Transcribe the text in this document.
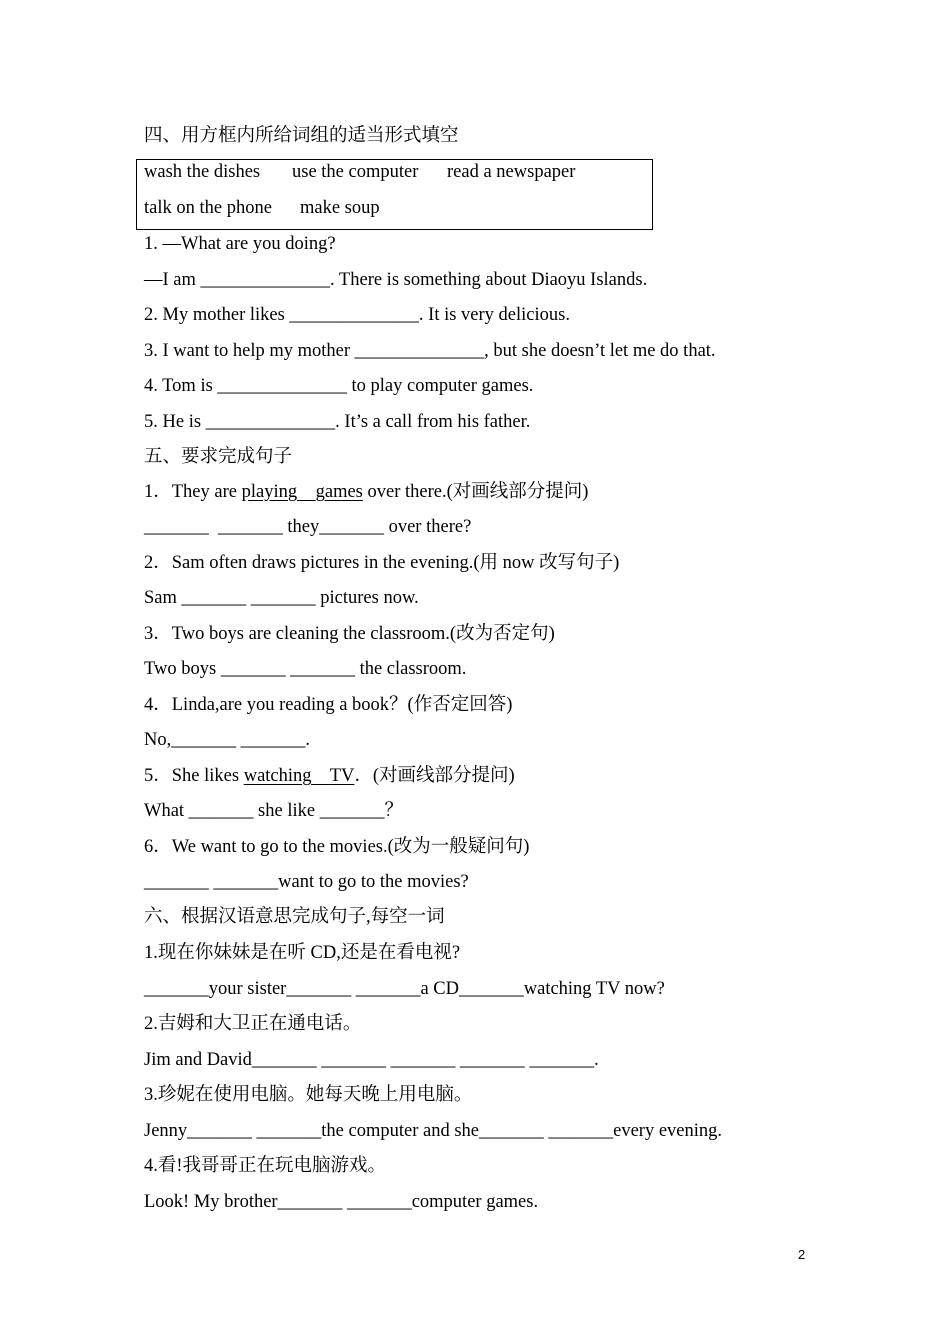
四、用方框内所给词组的适当形式填空
wash the dishes use the computer read a newspaper
talk on the phone make soup
1. —What are you doing?
—I am ______________. There is something about Diaoyu Islands.
2. My mother likes ______________. It is very delicious.
3. I want to help my mother ______________, but she doesn’t let me do that.
4. Tom is ______________ to play computer games.
5. He is ______________. It’s a call from his father.
五、要求完成句子
1．They are playing games over there.(对画线部分提问)
_______  _______ they_______ over there?
2．Sam often draws pictures in the evening.(用 now 改写句子)
Sam _______ _______ pictures now.
3．Two boys are cleaning the classroom.(改为否定句)
Two boys _______ _______ the classroom.
4．Linda,are you reading a book？(作否定回答)
No,_______ _______.
5．She likes watching TV．(对画线部分提问)
What _______ she like _______？
6．We want to go to the movies.(改为一般疑问句)
_______ _______want to go to the movies?
六、根据汉语意思完成句子,每空一词
1.现在你妹妹是在听 CD,还是在看电视?
_______your sister_______ _______a CD_______watching TV now?
2.吉姆和大卫正在通电话。
Jim and David_______ _______ _______ _______ _______.
3.珍妮在使用电脑。她每天晚上用电脑。
Jenny_______ _______the computer and she_______ _______every evening.
4.看!我哥哥正在玩电脑游戏。
Look! My brother_______ _______computer games.
2
